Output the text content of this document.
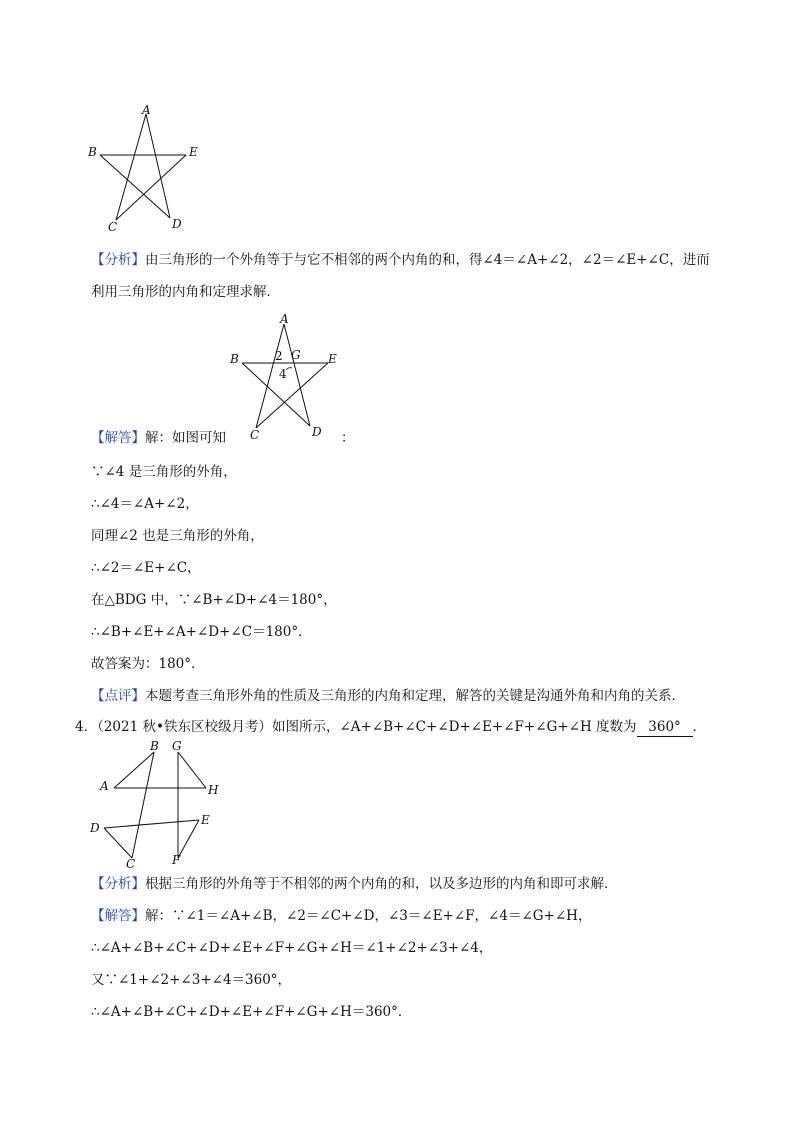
A
B	E
C	D
【分析】由三角形的一个外角等于与它不相邻的两个内角的和，得∠4＝∠A+∠2，∠2＝∠E+∠C，进而
利用三角形的内角和定理求解．
A
B	E
C	D
G
2
4
【解答】解：如图可知	：
∵∠4 是三角形的外角，
∴∠4＝∠A+∠2，
同理∠2 也是三角形的外角，
∴∠2＝∠E+∠C，
在△BDG 中，∵∠B+∠D+∠4＝180°，
∴∠B+∠E+∠A+∠D+∠C＝180°．
故答案为：180°．
【点评】本题考查三角形外角的性质及三角形的内角和定理，解答的关键是沟通外角和内角的关系．
4．（2021 秋•铁东区校级月考）如图所示，∠A+∠B+∠C+∠D+∠E+∠F+∠G+∠H 度数为 360° ．
B G
A	H
D
E
C	F
【分析】根据三角形的外角等于不相邻的两个内角的和，以及多边形的内角和即可求解．
【解答】解：∵∠1＝∠A+∠B，∠2＝∠C+∠D，∠3＝∠E+∠F，∠4＝∠G+∠H，
∴∠A+∠B+∠C+∠D+∠E+∠F+∠G+∠H＝∠1+∠2+∠3+∠4，
又∵∠1+∠2+∠3+∠4＝360°，
∴∠A+∠B+∠C+∠D+∠E+∠F+∠G+∠H＝360°．
